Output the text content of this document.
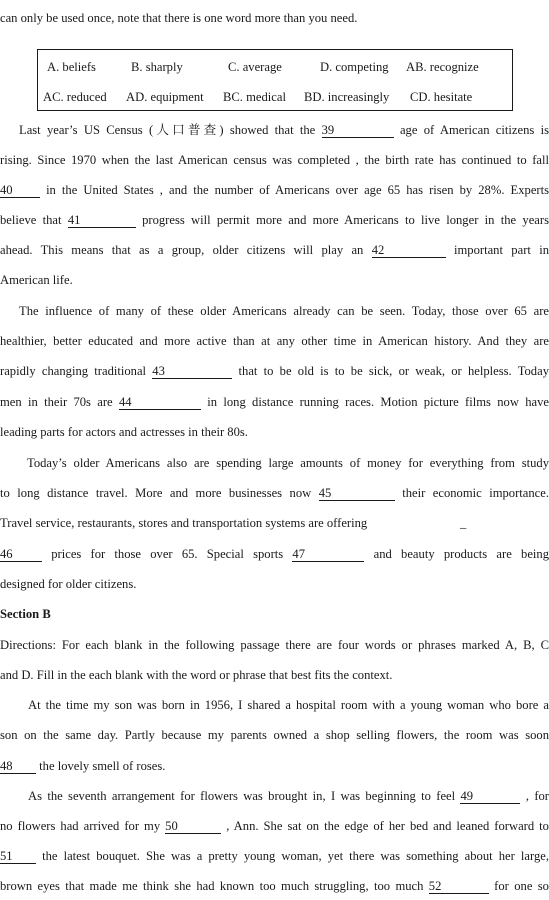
can only be used once, note that there is one word more than you need.
A. beliefs	B. sharply	C. average	D. competing AB. recognize
AC. reduced AD. equipment BC. medical BD. increasingly CD. hesitate
Last year’s US Census (人口普查) showed that the 39	age of American citizens is
rising. Since 1970 when the last American census was completed , the birth rate has continued to fall
40	in the United States , and the number of Americans over age 65 has risen by 28%. Experts
believe that 41	progress will permit more and more Americans to live longer in the years
ahead. This means that as a group, older citizens will play an 42	important part in
American life.
The influence of many of these older Americans already can be seen. Today, those over 65 are
healthier, better educated and more active than at any other time in American history. And they are
rapidly changing traditional 43	that to be old is to be sick, or weak, or helpless. Today
men in their 70s are 44	in long distance running races. Motion picture films now have
leading parts for actors and actresses in their 80s.
Today’s older Americans also are spending large amounts of money for everything from study
to long distance travel. More and more businesses now 45	their economic importance.
Travel service, restaurants, stores and transportation systems are offering	_
46	prices for those over 65. Special sports 47	and beauty products are being
designed for older citizens.
Section B
Directions: For each blank in the following passage there are four words or phrases marked A, B, C
and D. Fill in the each blank with the word or phrase that best fits the context.
At the time my son was born in 1956, I shared a hospital room with a young woman who bore a
son on the same day. Partly because my parents owned a shop selling flowers, the room was soon
48 the lovely smell of roses.
As the seventh arrangement for flowers was brought in, I was beginning to feel 49	, for
no flowers had arrived for my 50	, Ann. She sat on the edge of her bed and leaned forward to
51 the latest bouquet. She was a pretty young woman, yet there was something about her large,
brown eyes that made me think she had known too much struggling, too much 52	for one so
